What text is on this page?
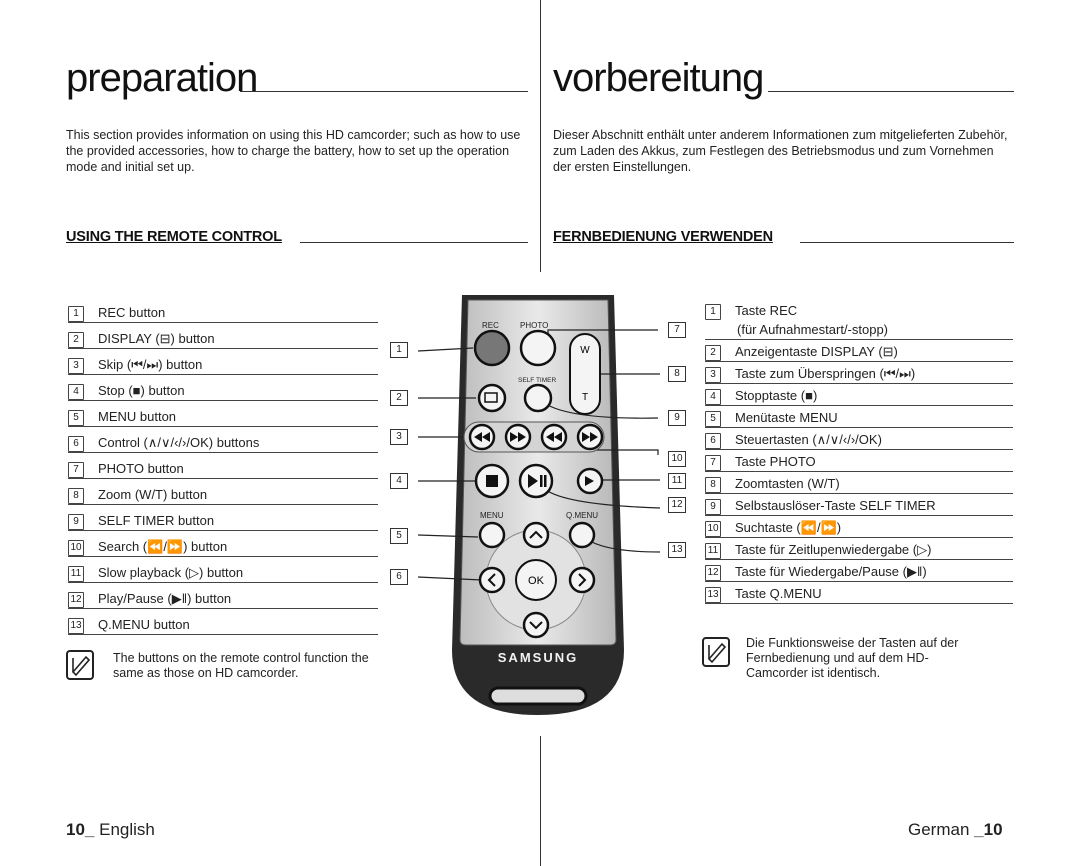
preparation
This section provides information on using this HD camcorder; such as how to use the provided accessories, how to charge the battery, how to set up the operation mode and initial set up.
USING THE REMOTE CONTROL
1 REC button
2 DISPLAY (⊟) button
3 Skip (⏮/⏭) button
4 Stop (■) button
5 MENU button
6 Control (∧/∨/‹/›/OK) buttons
7 PHOTO button
8 Zoom (W/T) button
9 SELF TIMER button
10 Search (⏪/⏩) button
11 Slow playback (▷) button
12 Play/Pause (▶‖) button
13 Q.MENU button
The buttons on the remote control function the same as those on HD camcorder.
10_ English
vorbereitung
Dieser Abschnitt enthält unter anderem Informationen zum mitgelieferten Zubehör, zum Laden des Akkus, zum Festlegen des Betriebsmodus und zum Vornehmen der ersten Einstellungen.
FERNBEDIENUNG VERWENDEN
1 Taste REC
(für Aufnahmestart/-stopp)
2 Anzeigentaste DISPLAY (⊟)
3 Taste zum Überspringen (⏮/⏭)
4 Stopptaste (■)
5 Menütaste MENU
6 Steuertasten (∧/∨/‹/›/OK)
7 Taste PHOTO
8 Zoomtasten (W/T)
9 Selbstauslöser-Taste SELF TIMER
10 Suchtaste (⏪/⏩)
11 Taste für Zeitlupenwiedergabe (▷)
12 Taste für Wiedergabe/Pause (▶‖)
13 Taste Q.MENU
Die Funktionsweise der Tasten auf der Fernbedienung und auf dem HD-Camcorder ist identisch.
German _10
REC	PHOTO
SELF TIMER
MENU	Q.MENU
W
T
OK
SAMSUNG
1
2
3
4
5
6
7
8
9
10
11
12
13
